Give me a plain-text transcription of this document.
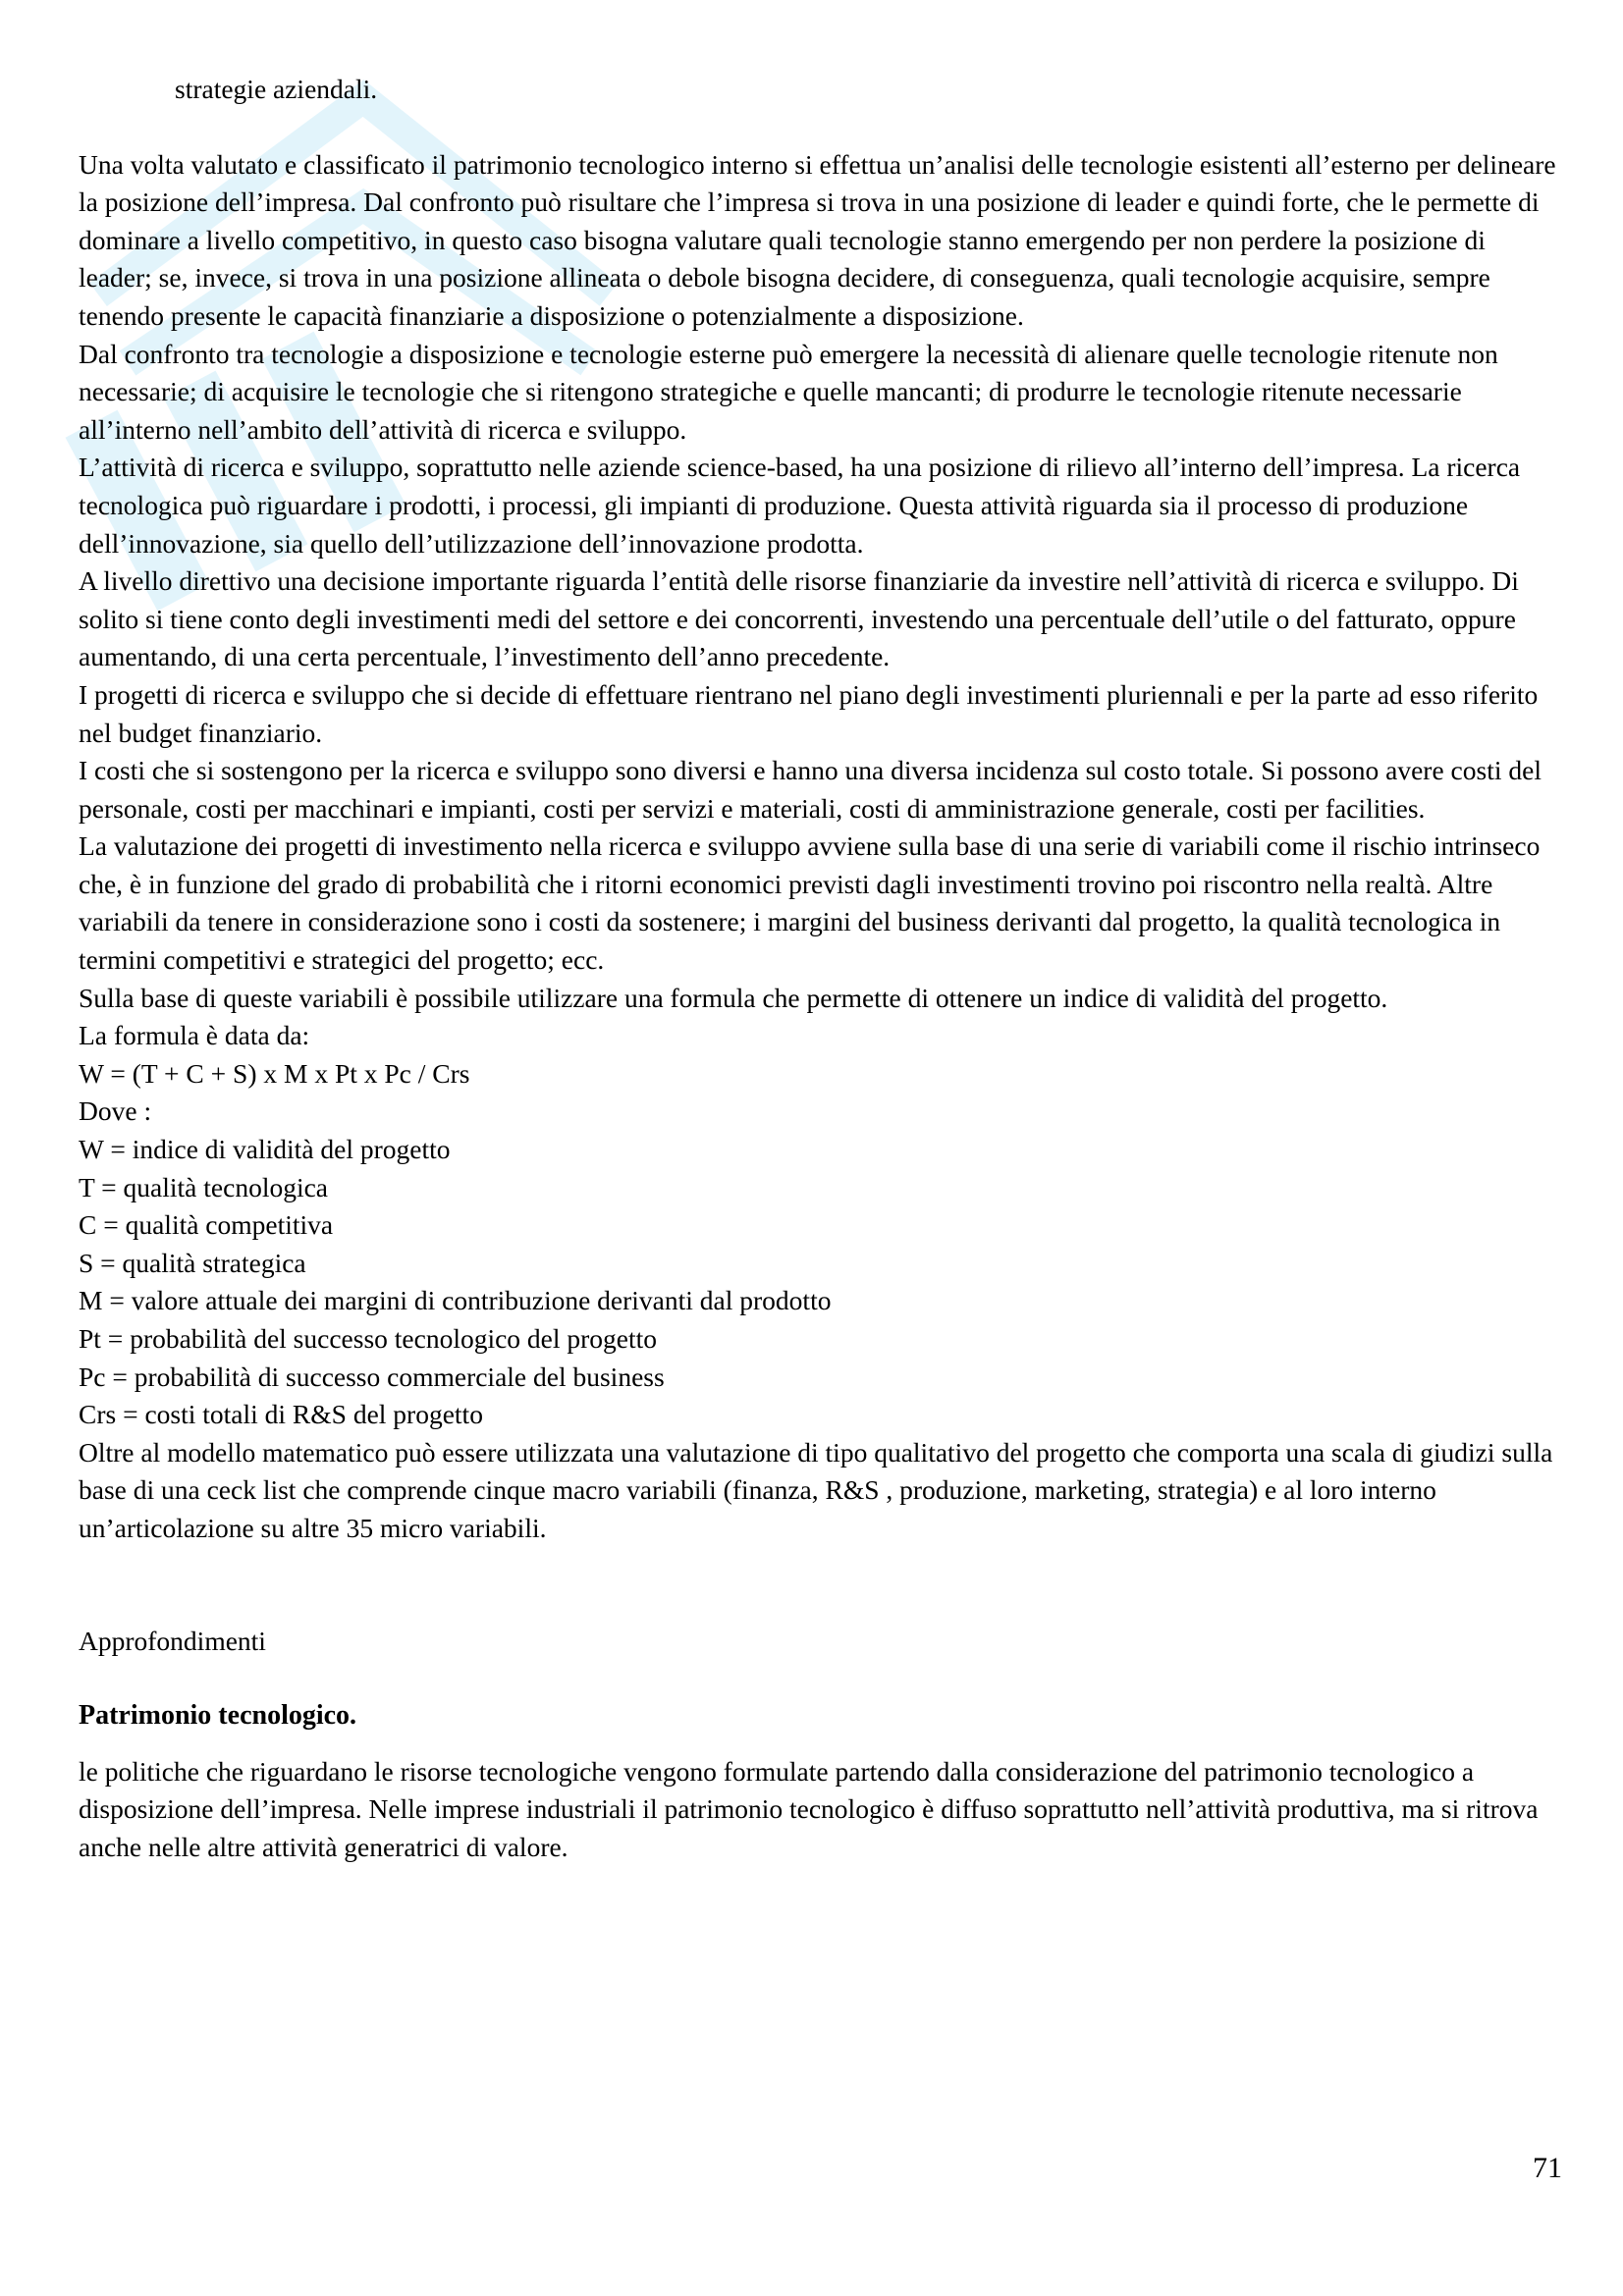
strategie aziendali.

Una volta valutato e classificato il patrimonio tecnologico interno si effettua un’analisi delle tecnologie esistenti all’esterno per delineare la posizione dell’impresa. Dal confronto può risultare che l’impresa si trova in una posizione di leader e quindi forte, che le permette di dominare a livello competitivo, in questo caso bisogna valutare quali tecnologie stanno emergendo per non perdere la posizione di leader; se, invece, si trova in una posizione allineata o debole bisogna decidere, di conseguenza, quali tecnologie acquisire, sempre tenendo presente le capacità finanziarie a disposizione o potenzialmente a disposizione.

Dal confronto tra tecnologie a disposizione e tecnologie esterne può emergere la necessità di alienare quelle tecnologie ritenute non necessarie; di acquisire le tecnologie che si ritengono strategiche e quelle mancanti; di produrre le tecnologie ritenute necessarie all’interno nell’ambito dell’attività di ricerca e sviluppo.

L’attività di ricerca e sviluppo, soprattutto nelle aziende science-based, ha una posizione di rilievo all’interno dell’impresa. La ricerca tecnologica può riguardare i prodotti, i processi, gli impianti di produzione. Questa attività riguarda sia il processo di produzione dell’innovazione, sia quello dell’utilizzazione dell’innovazione prodotta.

A livello direttivo una decisione importante riguarda l’entità delle risorse finanziarie da investire nell’attività di ricerca e sviluppo. Di solito si tiene conto degli investimenti medi del settore e dei concorrenti, investendo una percentuale dell’utile o del fatturato, oppure aumentando, di una certa percentuale, l’investimento dell’anno precedente.

I progetti di ricerca e sviluppo che si decide di effettuare rientrano nel piano degli investimenti pluriennali e per la parte ad esso riferito nel budget finanziario.

I costi che si sostengono per la ricerca e sviluppo sono diversi e hanno una diversa incidenza sul costo totale. Si possono avere costi del personale, costi per macchinari e impianti, costi per servizi e materiali, costi di amministrazione generale, costi per facilities.

La valutazione dei progetti di investimento nella ricerca e sviluppo avviene sulla base di una serie di variabili come il rischio intrinseco che, è in funzione del grado di probabilità che i ritorni economici previsti dagli investimenti trovino poi riscontro nella realtà. Altre variabili da tenere in considerazione sono i costi da sostenere; i margini del business derivanti dal progetto, la qualità tecnologica in termini competitivi e strategici del progetto; ecc.

Sulla base di queste variabili è possibile utilizzare una formula che permette di ottenere un indice di validità del progetto.

La formula è data da:

W = (T + C + S) x M x Pt x Pc / Crs

Dove :

W = indice di validità del progetto

T = qualità tecnologica

C = qualità competitiva

S = qualità strategica

M = valore attuale dei margini di contribuzione derivanti dal prodotto

Pt = probabilità del successo tecnologico del progetto

Pc = probabilità di successo commerciale del business

Crs = costi totali di R&S del progetto

Oltre al modello matematico può essere utilizzata una valutazione di tipo qualitativo del progetto che comporta una scala di giudizi sulla base di una ceck list che comprende cinque macro variabili (finanza, R&S , produzione, marketing, strategia) e al loro interno un’articolazione su altre 35 micro variabili.

Approfondimenti

Patrimonio tecnologico.

le politiche che riguardano le risorse tecnologiche vengono formulate partendo dalla considerazione del patrimonio tecnologico a disposizione dell’impresa. Nelle imprese industriali il patrimonio tecnologico è diffuso soprattutto nell’attività produttiva, ma si ritrova anche nelle altre attività generatrici di valore.

71
